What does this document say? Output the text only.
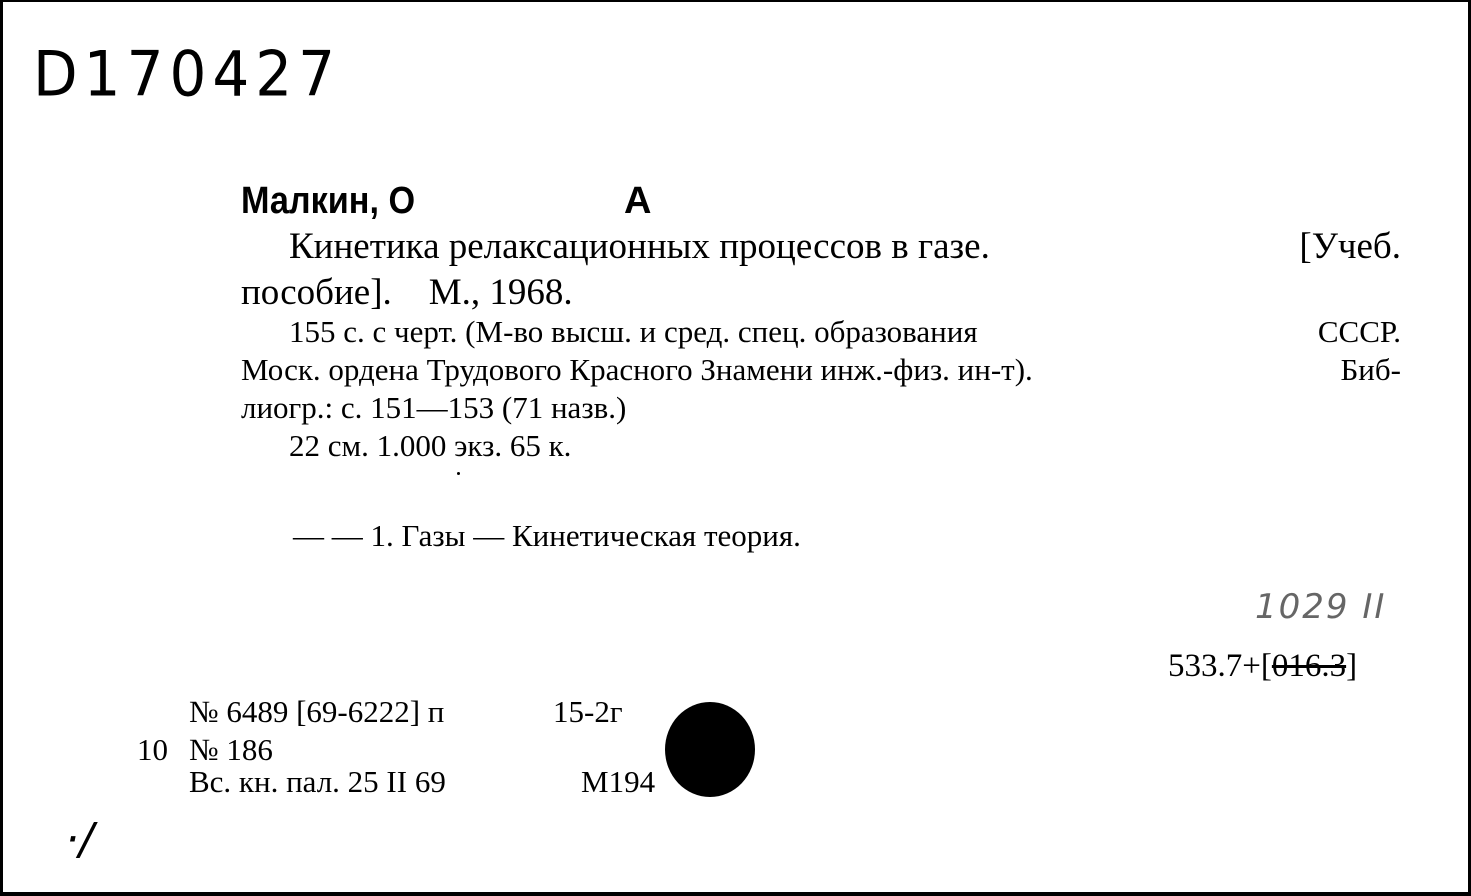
D170427
Малкин, О	А
Кинетика релаксационных процессов в газе.	[Учеб.
пособие].    М., 1968.
155 с. с черт. (М-во высш. и сред. спец. образования	СССР.
Моск. ордена Трудового Красного Знамени инж.-физ. ин-т).	Биб-
лиогр.: с. 151—153 (71 назв.)
22 см. 1.000 экз. 65 к.
— — 1. Газы — Кинетическая теория.
1029 II
533.7+[016.3]
№ 6489 [69-6222] п	15-2г
10 № 186
Вс. кн. пал. 25 II 69	М194
·/
